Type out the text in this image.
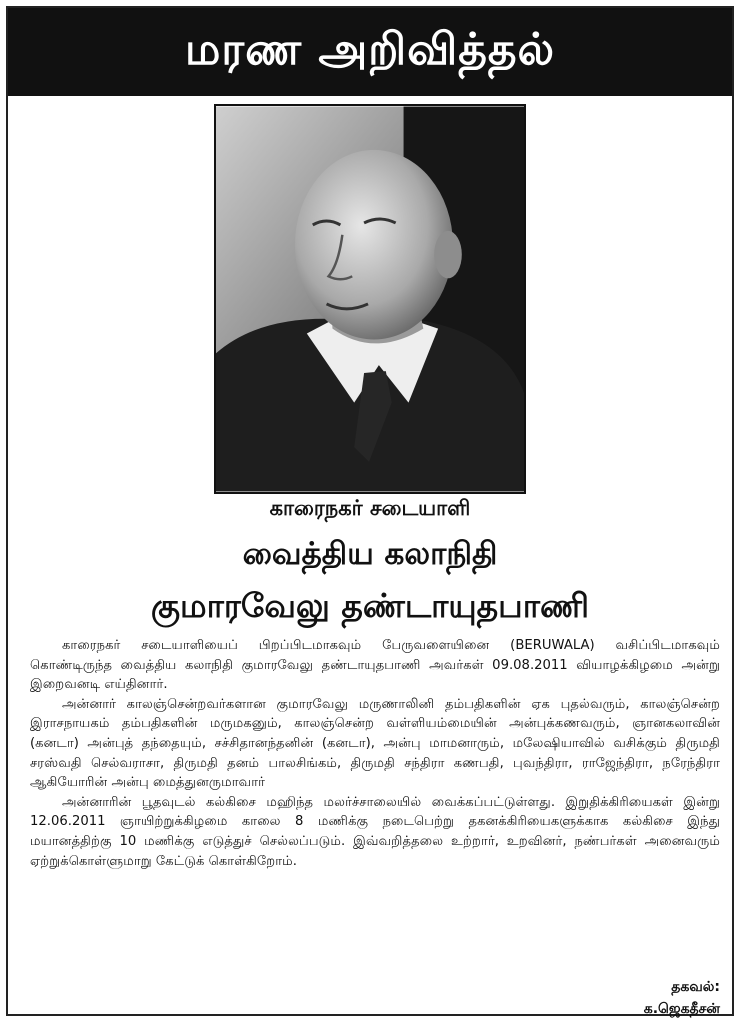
மரண அறிவித்தல்
காரைநகர் சடையாளி
வைத்திய கலாநிதி
குமாரவேலு தண்டாயுதபாணி

காரைநகர் சடையாளியைப் பிறப்பிடமாகவும் பேருவளையினை (BERUWALA) வசிப்பிடமாகவும் கொண்டிருந்த வைத்திய கலாநிதி குமாரவேலு தண்டாயுதபாணி அவர்கள் 09.08.2011 வியாழக்கிழமை அன்று இறைவனடி எய்தினார்.

அன்னார் காலஞ்சென்றவர்களான குமாரவேலு மருணாலினி தம்பதிகளின் ஏக புதல்வரும், காலஞ்சென்ற இராசநாயகம் தம்பதிகளின் மருமகனும், காலஞ்சென்ற வள்ளியம்மையின் அன்புக்கணவரும், ஞானகலாவின் (கனடா) அன்புத் தந்தையும், சச்சிதானந்தனின் (கனடா), அன்பு மாமனாரும், மலேஷியாவில் வசிக்கும் திருமதி சரஸ்வதி செல்வராசா, திருமதி தனம் பாலசிங்கம், திருமதி சந்திரா கணபதி, புவந்திரா, ராஜேந்திரா, நரேந்திரா ஆகியோரின் அன்பு மைத்துனருமாவார்

அன்னாரின் பூதவுடல் கல்கிசை மஹிந்த மலர்ச்சாலையில் வைக்கப்பட்டுள்ளது. இறுதிக்கிரியைகள் இன்று 12.06.2011 ஞாயிற்றுக்கிழமை காலை 8 மணிக்கு நடைபெற்று தகனக்கிரியைகளுக்காக கல்கிசை இந்து மயானத்திற்கு 10 மணிக்கு எடுத்துச் செல்லப்படும். இவ்வறித்தலை உற்றார், உறவினர், நண்பர்கள் அனைவரும் ஏற்றுக்கொள்ளுமாறு கேட்டுக் கொள்கிறோம்.

தகவல்:
க.ஜெகதீசன்
